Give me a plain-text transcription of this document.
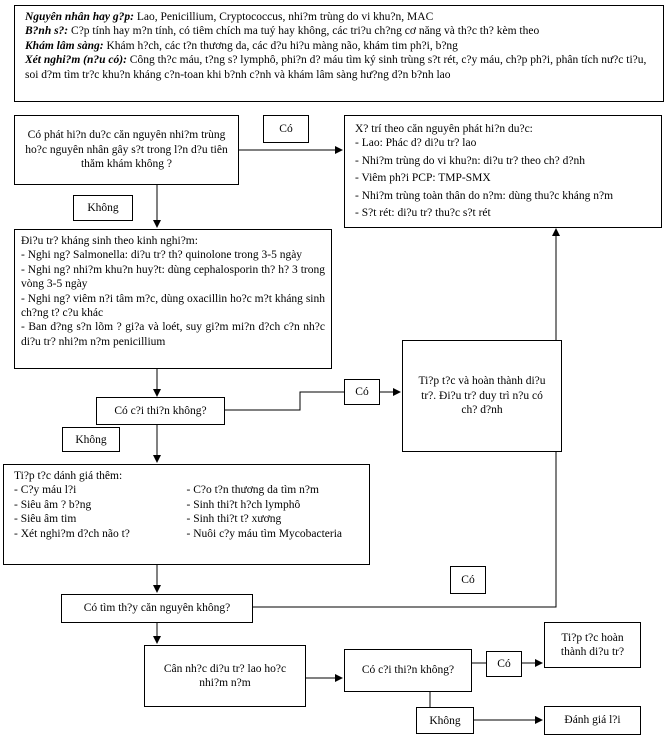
Nguyên nhân hay g?p: Lao, Penicillium, Cryptococcus, nhi?m trùng do vi khu?n, MAC
B?nh s?: C?p tính hay m?n tính, có tiêm chích ma tuý hay không, các tri?u ch?ng cơ năng và th?c th? kèm theo
Khám lâm sàng: Khám h?ch, các t?n thương da, các d?u hi?u màng não, khám tim ph?i, b?ng
Xét nghi?m (n?u có): Công th?c máu, t?ng s? lymphô, phi?n d? máu tìm ký sinh trùng s?t rét, c?y máu, ch?p ph?i, phân tích nư?c ti?u, soi d?m tìm tr?c khu?n kháng c?n-toan khi b?nh c?nh và khám lâm sàng hư?ng d?n b?nh lao
Có phát hi?n du?c căn nguyên nhi?m trùng ho?c nguyên nhân gây s?t trong l?n d?u tiên thăm khám không ?
Có
Không
X? trí theo căn nguyên phát hi?n du?c:
- Lao: Phác d? di?u tr? lao
- Nhi?m trùng do vi khu?n: di?u tr? theo ch? d?nh
- Viêm ph?i PCP: TMP-SMX
- Nhi?m trùng toàn thân do n?m: dùng thu?c kháng n?m
- S?t rét: di?u tr? thu?c s?t rét
Ði?u tr? kháng sinh theo kinh nghi?m:
- Nghi ng? Salmonella: di?u tr? th? quinolone trong 3-5 ngày
- Nghi ng? nhi?m khu?n huy?t: dùng cephalosporin th? h? 3 trong vòng 3-5 ngày
- Nghi ng? viêm n?i tâm m?c, dùng oxacillin ho?c m?t kháng sinh ch?ng t? c?u khác
- Ban d?ng s?n lõm ? gi?a và loét, suy gi?m mi?n d?ch c?n nh?c di?u tr? nhi?m n?m penicillium
Ti?p t?c và hoàn thành di?u tr?. Ði?u tr? duy trì n?u có ch? d?nh
Có
Có c?i thi?n không?
Không
Ti?p t?c dánh giá thêm:
- C?y máu l?i
- Siêu âm ? b?ng
- Siêu âm tim
- Xét nghi?m d?ch não t?
- C?o t?n thương da tìm n?m
- Sinh thi?t h?ch lymphô
- Sinh thi?t t? xương
- Nuôi c?y máu tìm Mycobacteria
Có
Có tìm th?y căn nguyên không?
Cân nh?c di?u tr? lao ho?c nhi?m n?m
Có c?i thi?n không?
Có
Ti?p t?c hoàn thành di?u tr?
Không	Ðánh giá l?i
